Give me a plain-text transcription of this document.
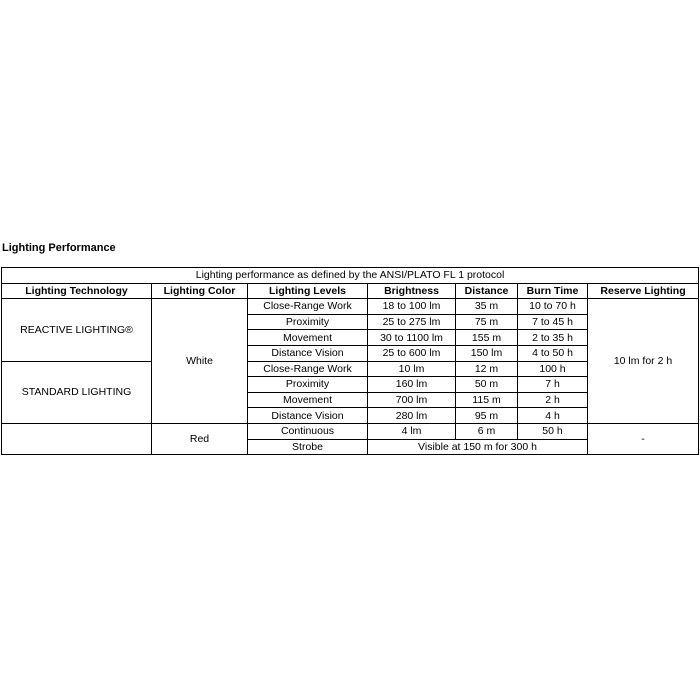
Lighting Performance
Lighting performance as defined by the ANSI/PLATO FL 1 protocol						
Lighting Technology	Lighting Color	Lighting Levels	Brightness	Distance	Burn Time	Reserve Lighting
REACTIVE LIGHTING®	White	Close-Range Work	18 to 100 lm	35 m	10 to 70 h	10 lm for 2 h
		Proximity	25 to 275 lm	75 m	7 to 45 h	
		Movement	30 to 1100 lm	155 m	2 to 35 h	
		Distance Vision	25 to 600 lm	150 lm	4 to 50 h	
STANDARD LIGHTING		Close-Range Work	10 lm	12 m	100 h	
		Proximity	160 lm	50 m	7 h	
		Movement	700 lm	115 m	2 h	
		Distance Vision	280 lm	95 m	4 h	
	Red	Continuous	4 lm	6 m	50 h	-
		Strobe	Visible at 150 m for 300 h			
